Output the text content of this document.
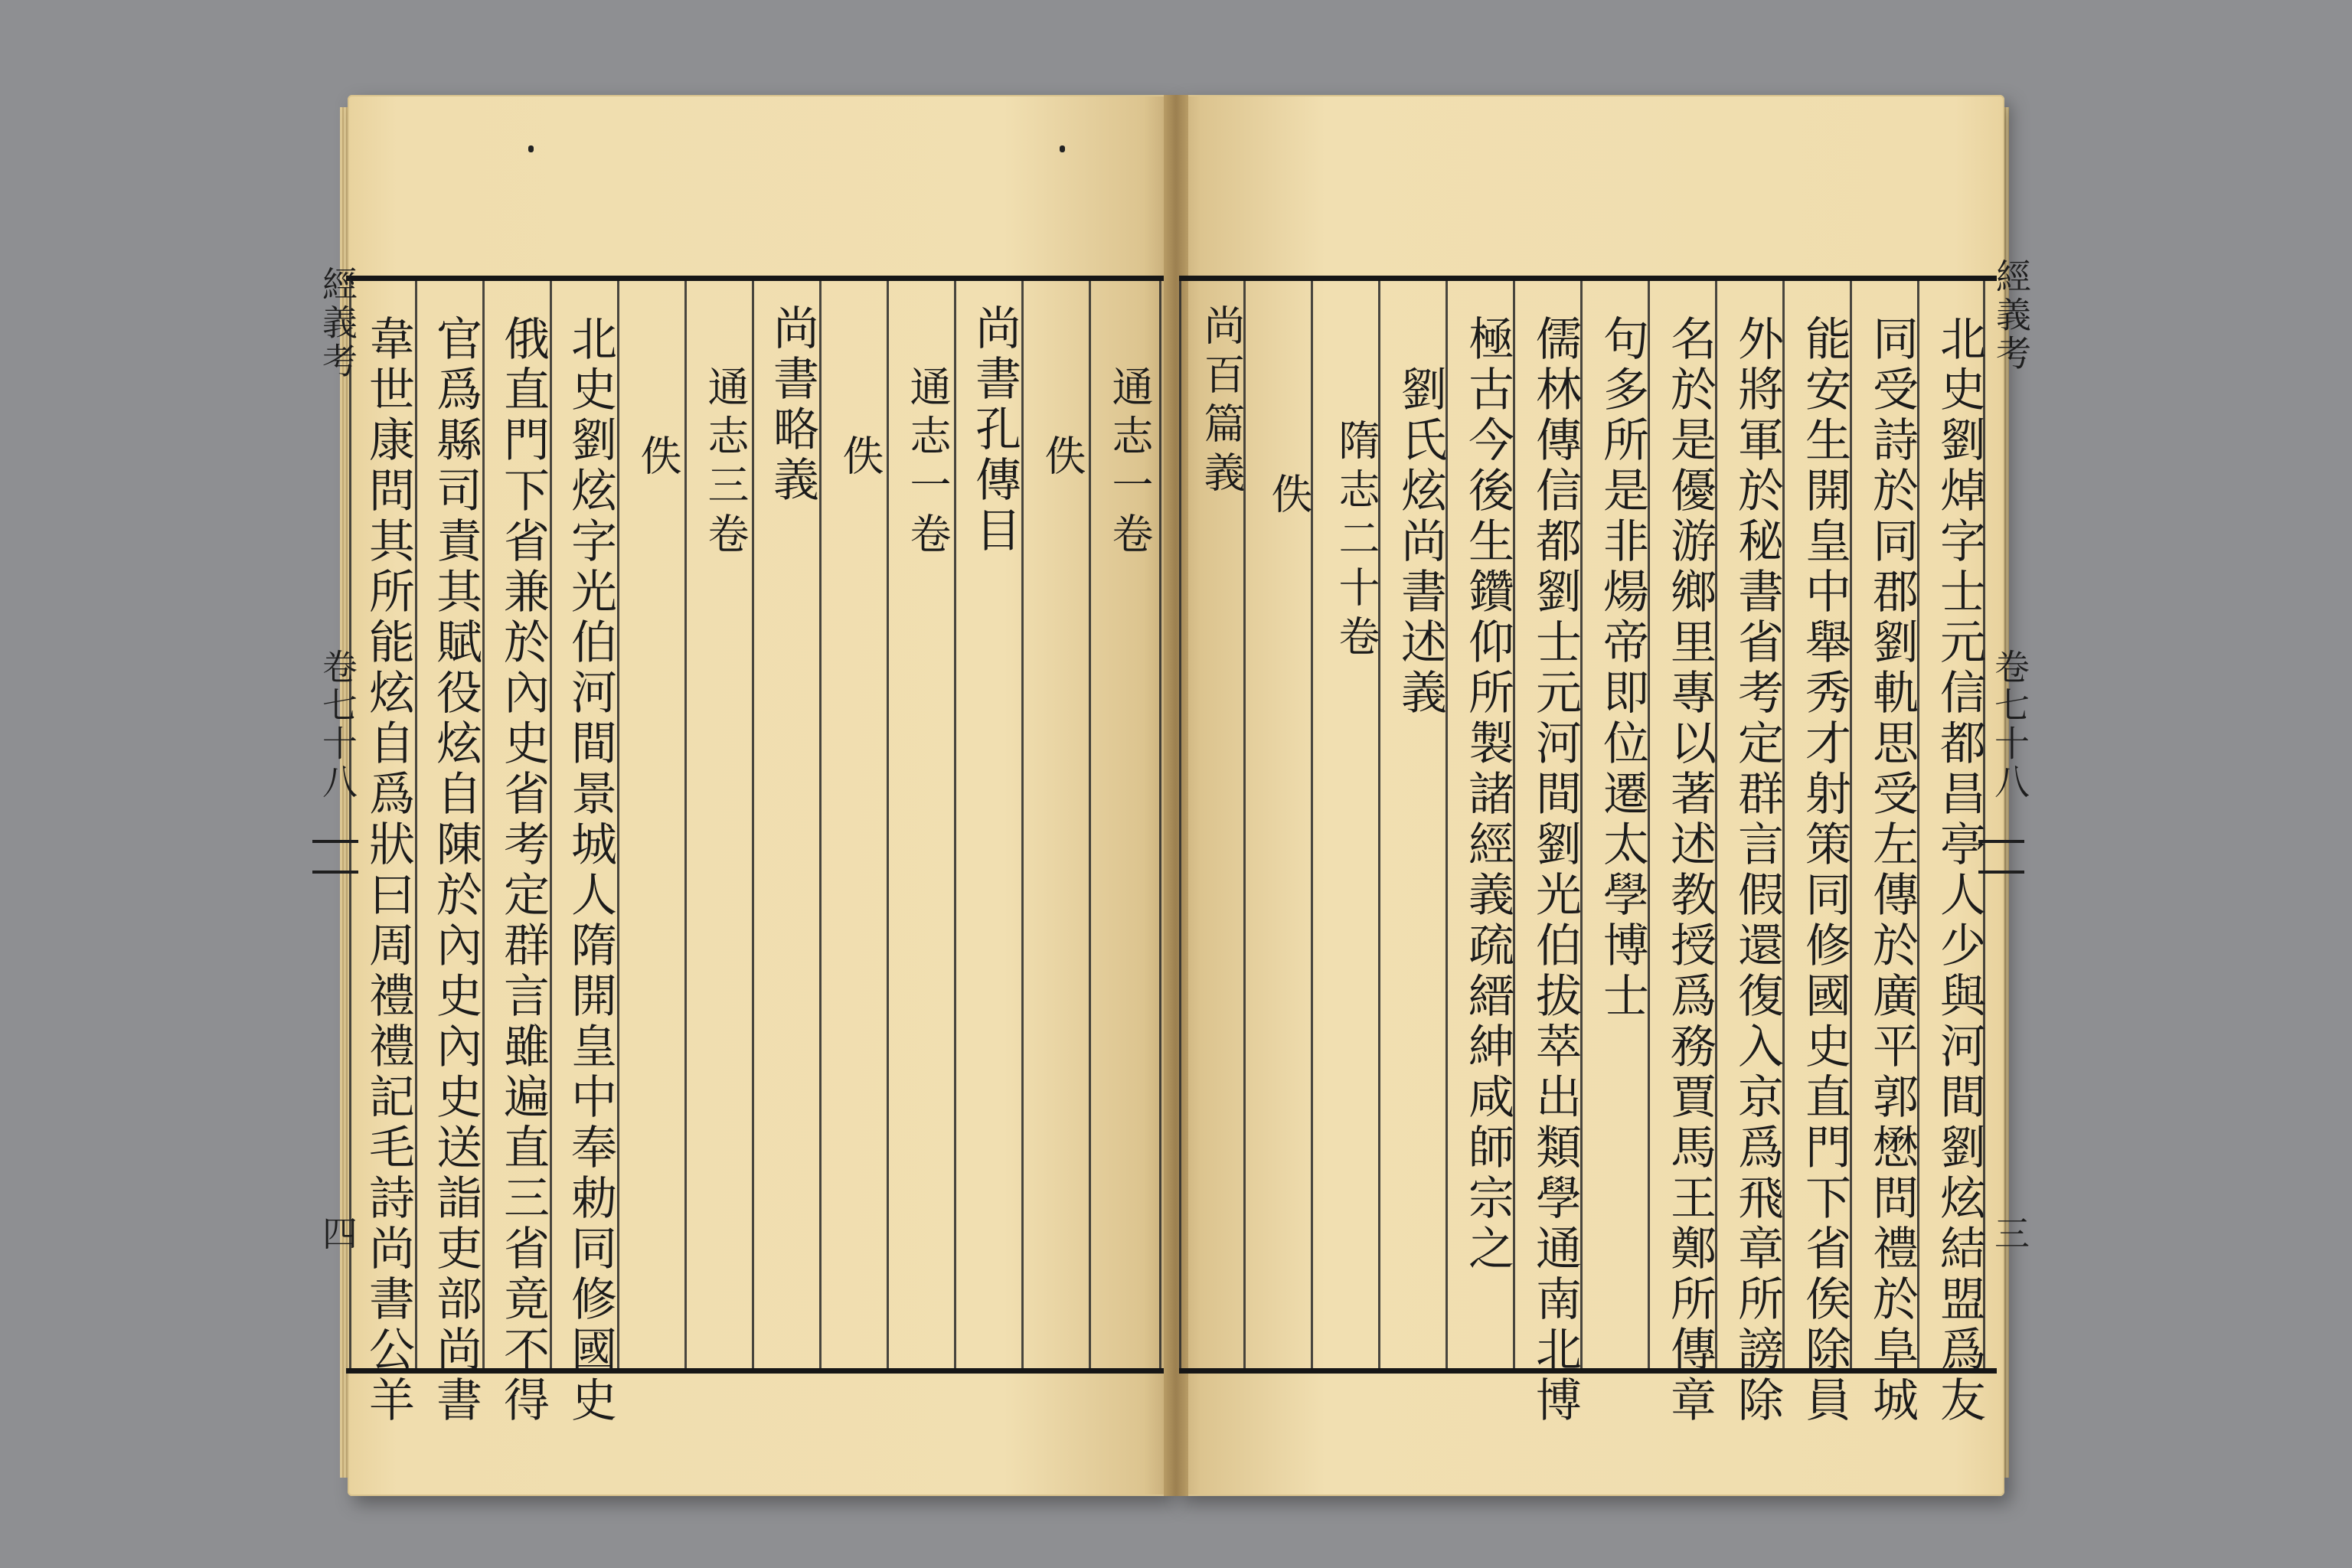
北史劉焯字士元信都昌亭人少與河間劉炫結盟爲友
同受詩於同郡劉軌思受左傳於廣平郭懋問禮於阜城
能安生開皇中舉秀才射策同修國史直門下省俟除員
外將軍於秘書省考定群言假還復入京爲飛章所謗除
名於是優游鄉里專以著述教授爲務賈馬王鄭所傳章
句多所是非煬帝即位遷太學博士
儒林傳信都劉士元河間劉光伯拔萃出類學通南北博
極古今後生鑽仰所製諸經義疏縉紳咸師宗之
劉氏炫尚書述義
隋志二十卷
佚
尚百篇義	經義考
卷七十八
三
通志一卷
佚
尚書孔傳目
通志一卷
佚
尚書略義
通志三卷
佚
北史劉炫字光伯河間景城人隋開皇中奉勅同修國史
俄直門下省兼於內史省考定群言雖遍直三省竟不得
官爲縣司責其賦役炫自陳於內史內史送詣吏部尚書
韋世康問其所能炫自爲狀曰周禮禮記毛詩尚書公羊
經義考
卷七十八
四
